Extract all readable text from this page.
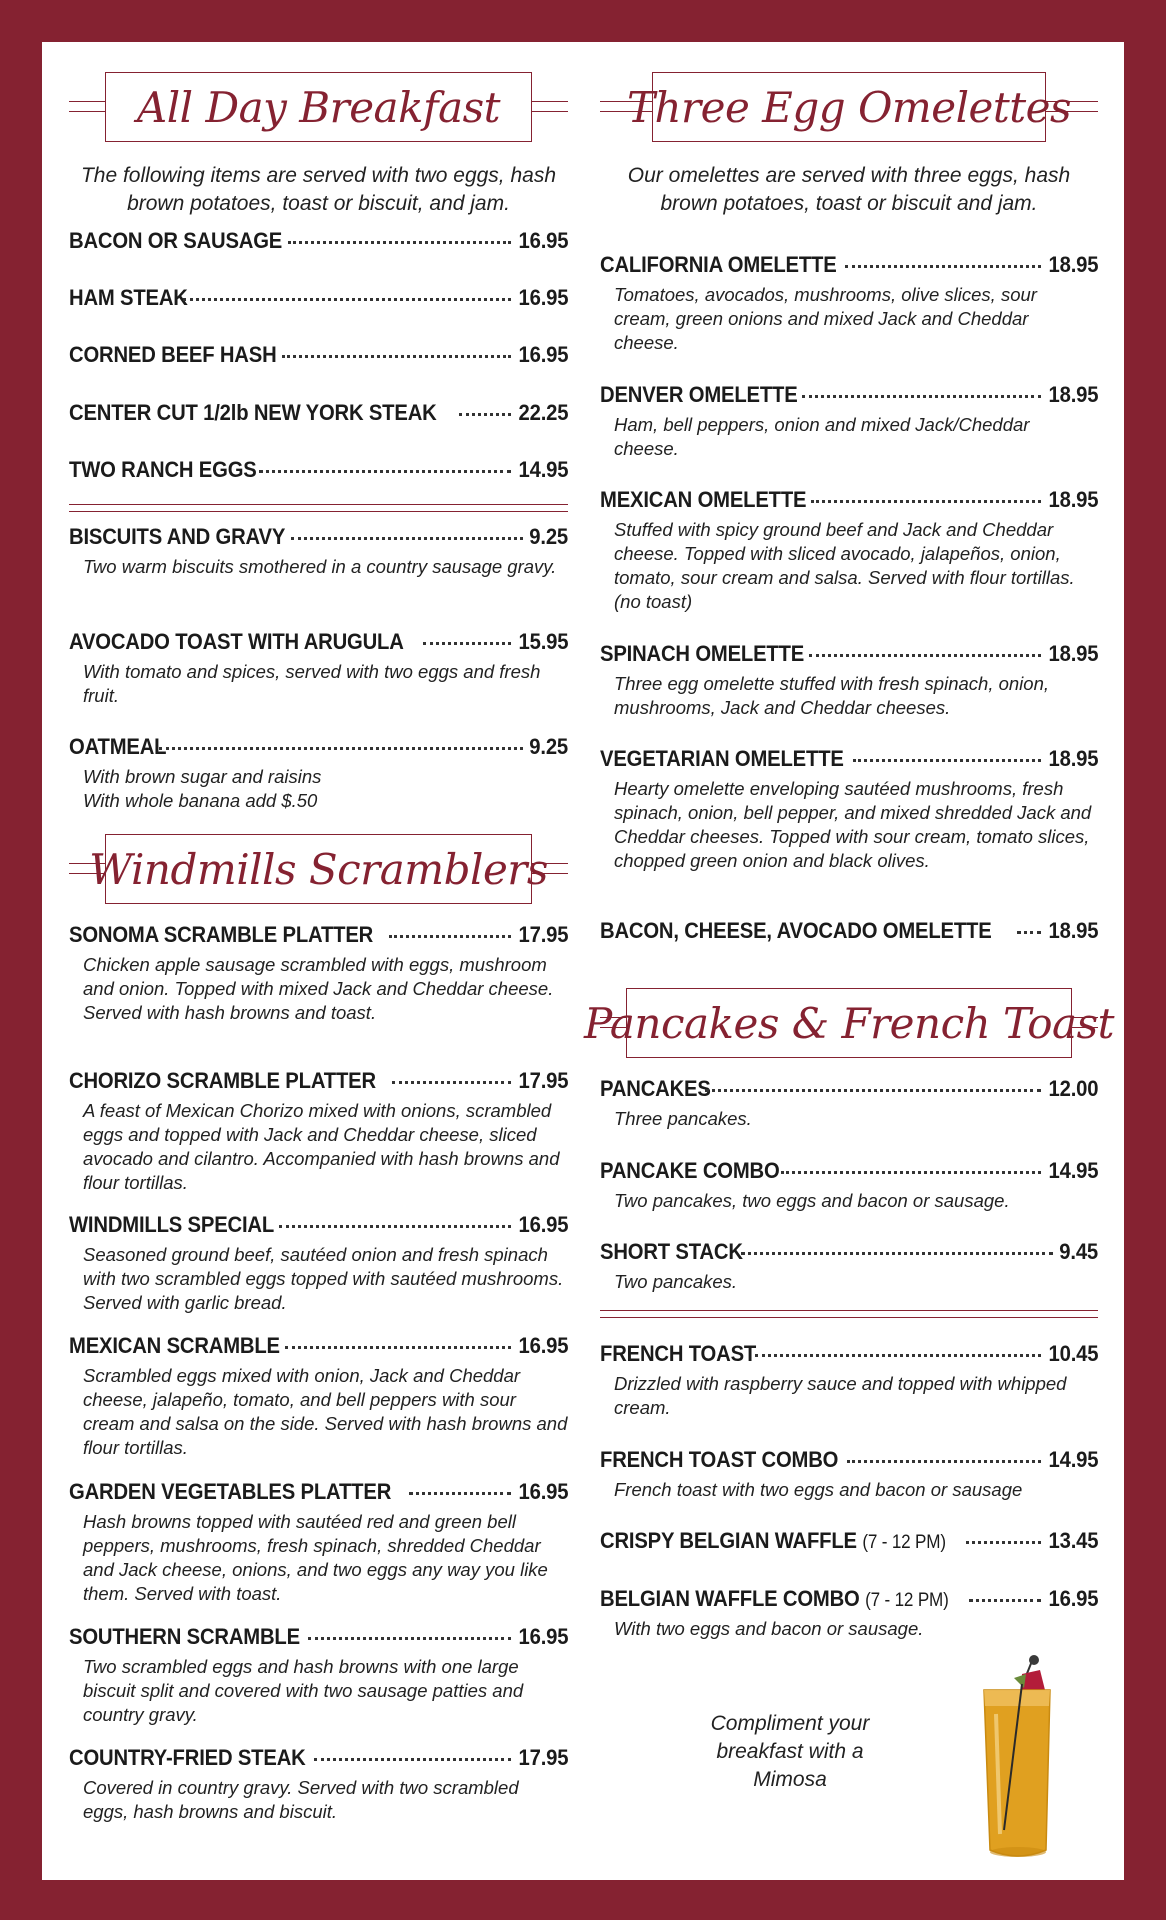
All Day Breakfast
The following items are served with two eggs, hash brown potatoes, toast or biscuit, and jam.
BACON OR SAUSAGE	16.95
HAM STEAK	16.95
CORNED BEEF HASH	16.95
CENTER CUT 1/2lb NEW YORK STEAK	22.25
TWO RANCH EGGS	14.95
BISCUITS AND GRAVY	9.25
Two warm biscuits smothered in a country sausage gravy.
AVOCADO TOAST WITH ARUGULA	15.95
With tomato and spices, served with two eggs and fresh fruit.
OATMEAL	9.25
With brown sugar and raisins
With whole banana add $.50
Windmills Scramblers
SONOMA SCRAMBLE PLATTER	17.95
Chicken apple sausage scrambled with eggs, mushroom and onion. Topped with mixed Jack and Cheddar cheese. Served with hash browns and toast.
CHORIZO SCRAMBLE PLATTER	17.95
A feast of Mexican Chorizo mixed with onions, scrambled eggs and topped with Jack and Cheddar cheese, sliced avocado and cilantro. Accompanied with hash browns and flour tortillas.
WINDMILLS SPECIAL	16.95
Seasoned ground beef, sautéed onion and fresh spinach with two scrambled eggs topped with sautéed mushrooms. Served with garlic bread.
MEXICAN SCRAMBLE	16.95
Scrambled eggs mixed with onion, Jack and Cheddar cheese, jalapeño, tomato, and bell peppers with sour cream and salsa on the side. Served with hash browns and flour tortillas.
GARDEN VEGETABLES PLATTER	16.95
Hash browns topped with sautéed red and green bell peppers, mushrooms, fresh spinach, shredded Cheddar and Jack cheese, onions, and two eggs any way you like them. Served with toast.
SOUTHERN SCRAMBLE	16.95
Two scrambled eggs and hash browns with one large biscuit split and covered with two sausage patties and country gravy.
COUNTRY-FRIED STEAK	17.95
Covered in country gravy. Served with two scrambled eggs, hash browns and biscuit.
Three Egg Omelettes
Our omelettes are served with three eggs, hash brown potatoes, toast or biscuit and jam.
CALIFORNIA OMELETTE	18.95
Tomatoes, avocados, mushrooms, olive slices, sour cream, green onions and mixed Jack and Cheddar cheese.
DENVER OMELETTE	18.95
Ham, bell peppers, onion and mixed Jack/Cheddar cheese.
MEXICAN OMELETTE	18.95
Stuffed with spicy ground beef and Jack and Cheddar cheese. Topped with sliced avocado, jalapeños, onion, tomato, sour cream and salsa. Served with flour tortillas. (no toast)
SPINACH OMELETTE	18.95
Three egg omelette stuffed with fresh spinach, onion, mushrooms, Jack and Cheddar cheeses.
VEGETARIAN OMELETTE	18.95
Hearty omelette enveloping sautéed mushrooms, fresh spinach, onion, bell pepper, and mixed shredded Jack and Cheddar cheeses. Topped with sour cream, tomato slices, chopped green onion and black olives.
BACON, CHEESE, AVOCADO OMELETTE	18.95
Pancakes & French Toast
PANCAKES	12.00
Three pancakes.
PANCAKE COMBO	14.95
Two pancakes, two eggs and bacon or sausage.
SHORT STACK	9.45
Two pancakes.
FRENCH TOAST	10.45
Drizzled with raspberry sauce and topped with whipped cream.
FRENCH TOAST COMBO	14.95
French toast with two eggs and bacon or sausage
CRISPY BELGIAN WAFFLE (7 - 12 PM)	13.45
BELGIAN WAFFLE COMBO (7 - 12 PM)	16.95
With two eggs and bacon or sausage.
Compliment your breakfast with a Mimosa
